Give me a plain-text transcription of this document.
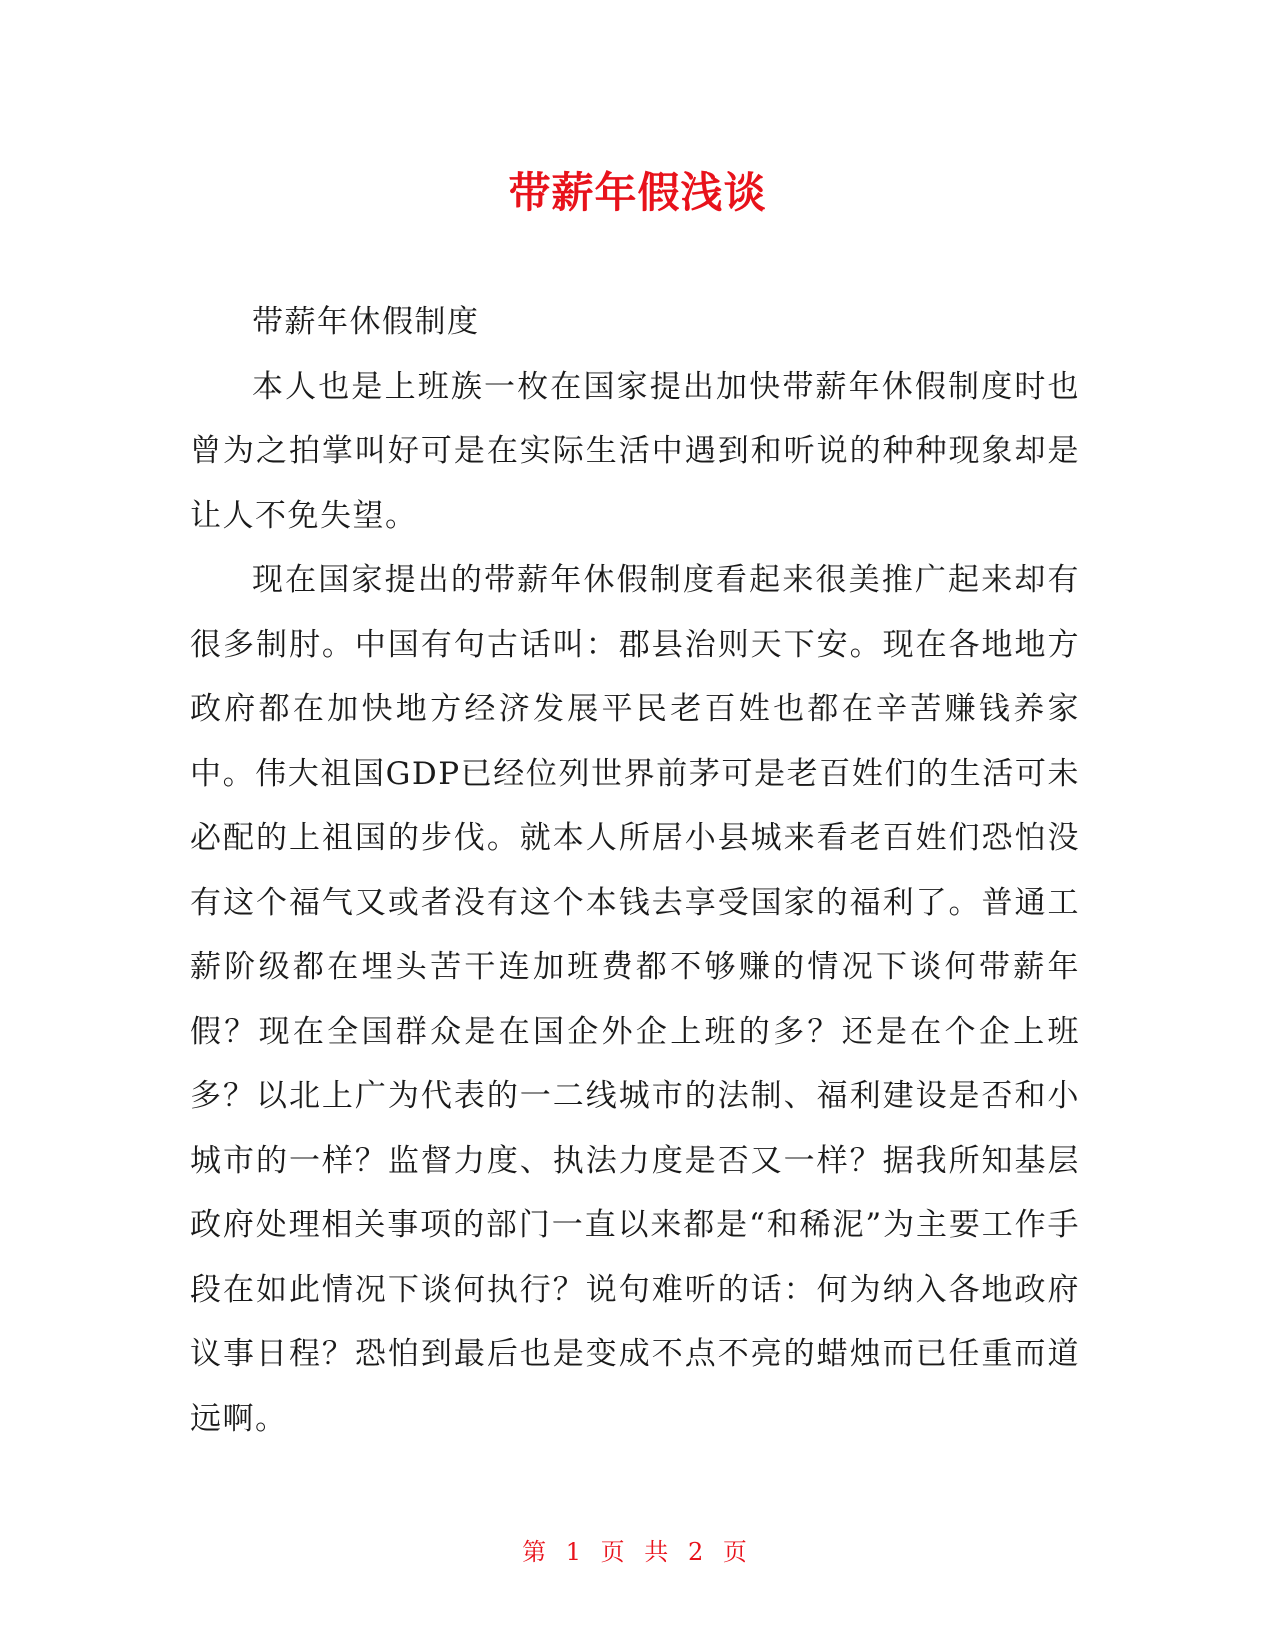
带薪年假浅谈

带薪年休假制度

本人也是上班族一枚在国家提出加快带薪年休假制度时也曾为之拍掌叫好可是在实际生活中遇到和听说的种种现象却是让人不免失望。

现在国家提出的带薪年休假制度看起来很美推广起来却有很多制肘。中国有句古话叫：郡县治则天下安。现在各地地方政府都在加快地方经济发展平民老百姓也都在辛苦赚钱养家中。伟大祖国GDP已经位列世界前茅可是老百姓们的生活可未必配的上祖国的步伐。就本人所居小县城来看老百姓们恐怕没有这个福气又或者没有这个本钱去享受国家的福利了。普通工薪阶级都在埋头苦干连加班费都不够赚的情况下谈何带薪年假？现在全国群众是在国企外企上班的多？还是在个企上班多？以北上广为代表的一二线城市的法制、福利建设是否和小城市的一样？监督力度、执法力度是否又一样？据我所知基层政府处理相关事项的部门一直以来都是“和稀泥”为主要工作手段在如此情况下谈何执行？说句难听的话：何为纳入各地政府议事日程？恐怕到最后也是变成不点不亮的蜡烛而已任重而道远啊。

第 1 页 共 2 页
